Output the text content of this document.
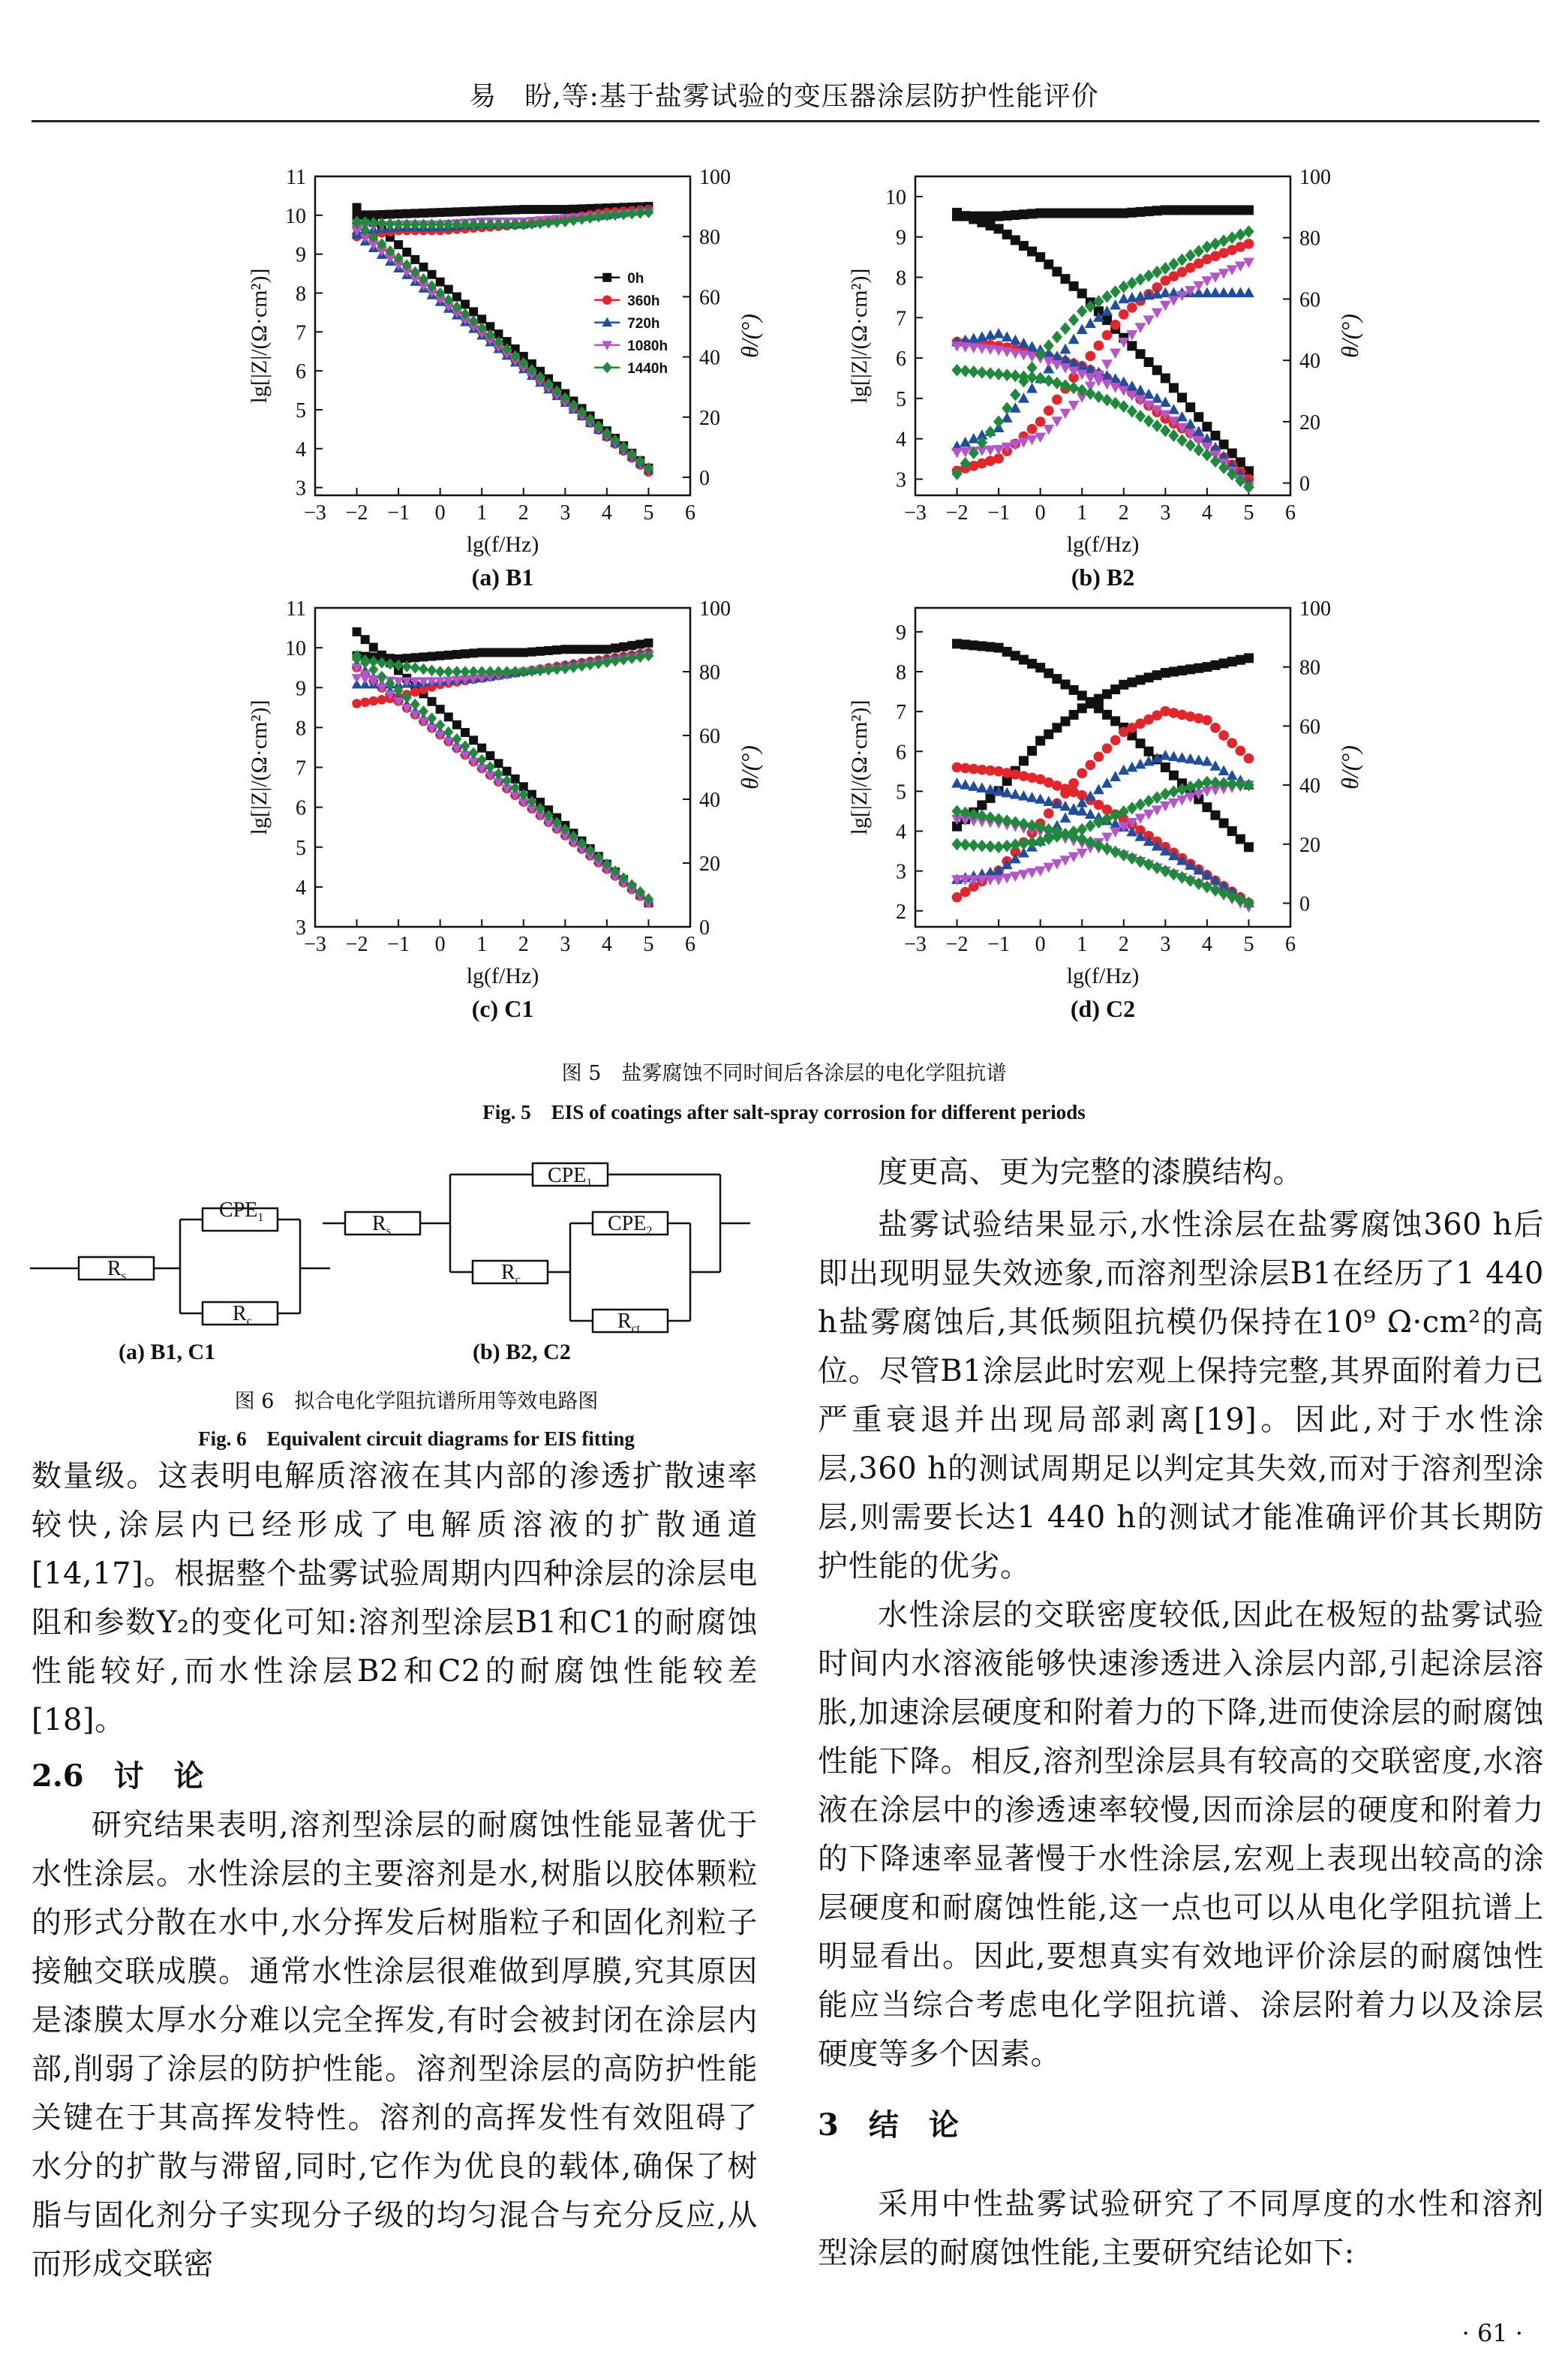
易　盼,等:基于盐雾试验的变压器涂层防护性能评价
−3 −2 −1 0 1 2 3 4 5 6
3
4
5
6
7
8
9
10
11
0
20
40
60
80
100
lg(f/Hz)
lg[|Z|/(Ω·cm²)]	θ/(°)
(a) B1
0h
360h
720h
1080h
1440h
−3 −2 −1 0 1 2 3 4 5 6
3
4
5
6
7
8
9
10
0
20
40
60
80
100
lg(f/Hz)
lg[|Z|/(Ω·cm²)]	θ/(°)
(b) B2
−3 −2 −1 0 1 2 3 4 5 6
3
4
5
6
7
8
9
10
11
0
20
40
60
80
100
lg(f/Hz)
lg[|Z|/(Ω·cm²)]	θ/(°)
(c) C1
−3 −2 −1 0 1 2 3 4 5 6
2
3
4
5
6
7
8
9
0
20
40
60
80
100
lg(f/Hz)
lg[|Z|/(Ω·cm²)]	θ/(°)
(d) C2
图 5　盐雾腐蚀不同时间后各涂层的电化学阻抗谱
Fig. 5　EIS of coatings after salt-spray corrosion for different periods
$R_s$
$CPE_1$
$R_c$
$R_s$
$CPE_1$
$R_c$
$CPE_2$
$R_{ct}$
(a) B1, C1	(b) B2, C2
图 6　拟合电化学阻抗谱所用等效电路图
Fig. 6　Equivalent circuit diagrams for EIS fitting

数量级。这表明电解质溶液在其内部的渗透扩散速率较快,涂层内已经形成了电解质溶液的扩散通道[14,17]。根据整个盐雾试验周期内四种涂层的涂层电阻和参数Y₂的变化可知:溶剂型涂层B1和C1的耐腐蚀性能较好,而水性涂层B2和C2的耐腐蚀性能较差[18]。

2.6　讨　论

研究结果表明,溶剂型涂层的耐腐蚀性能显著优于水性涂层。水性涂层的主要溶剂是水,树脂以胶体颗粒的形式分散在水中,水分挥发后树脂粒子和固化剂粒子接触交联成膜。通常水性涂层很难做到厚膜,究其原因是漆膜太厚水分难以完全挥发,有时会被封闭在涂层内部,削弱了涂层的防护性能。溶剂型涂层的高防护性能关键在于其高挥发特性。溶剂的高挥发性有效阻碍了水分的扩散与滞留,同时,它作为优良的载体,确保了树脂与固化剂分子实现分子级的均匀混合与充分反应,从而形成交联密

度更高、更为完整的漆膜结构。

盐雾试验结果显示,水性涂层在盐雾腐蚀360 h后即出现明显失效迹象,而溶剂型涂层B1在经历了1 440 h盐雾腐蚀后,其低频阻抗模仍保持在10⁹ Ω·cm²的高位。尽管B1涂层此时宏观上保持完整,其界面附着力已严重衰退并出现局部剥离[19]。因此,对于水性涂层,360 h的测试周期足以判定其失效,而对于溶剂型涂层,则需要长达1 440 h的测试才能准确评价其长期防护性能的优劣。

水性涂层的交联密度较低,因此在极短的盐雾试验时间内水溶液能够快速渗透进入涂层内部,引起涂层溶胀,加速涂层硬度和附着力的下降,进而使涂层的耐腐蚀性能下降。相反,溶剂型涂层具有较高的交联密度,水溶液在涂层中的渗透速率较慢,因而涂层的硬度和附着力的下降速率显著慢于水性涂层,宏观上表现出较高的涂层硬度和耐腐蚀性能,这一点也可以从电化学阻抗谱上明显看出。因此,要想真实有效地评价涂层的耐腐蚀性能应当综合考虑电化学阻抗谱、涂层附着力以及涂层硬度等多个因素。

3　结　论

采用中性盐雾试验研究了不同厚度的水性和溶剂型涂层的耐腐蚀性能,主要研究结论如下:

· 61 ·
